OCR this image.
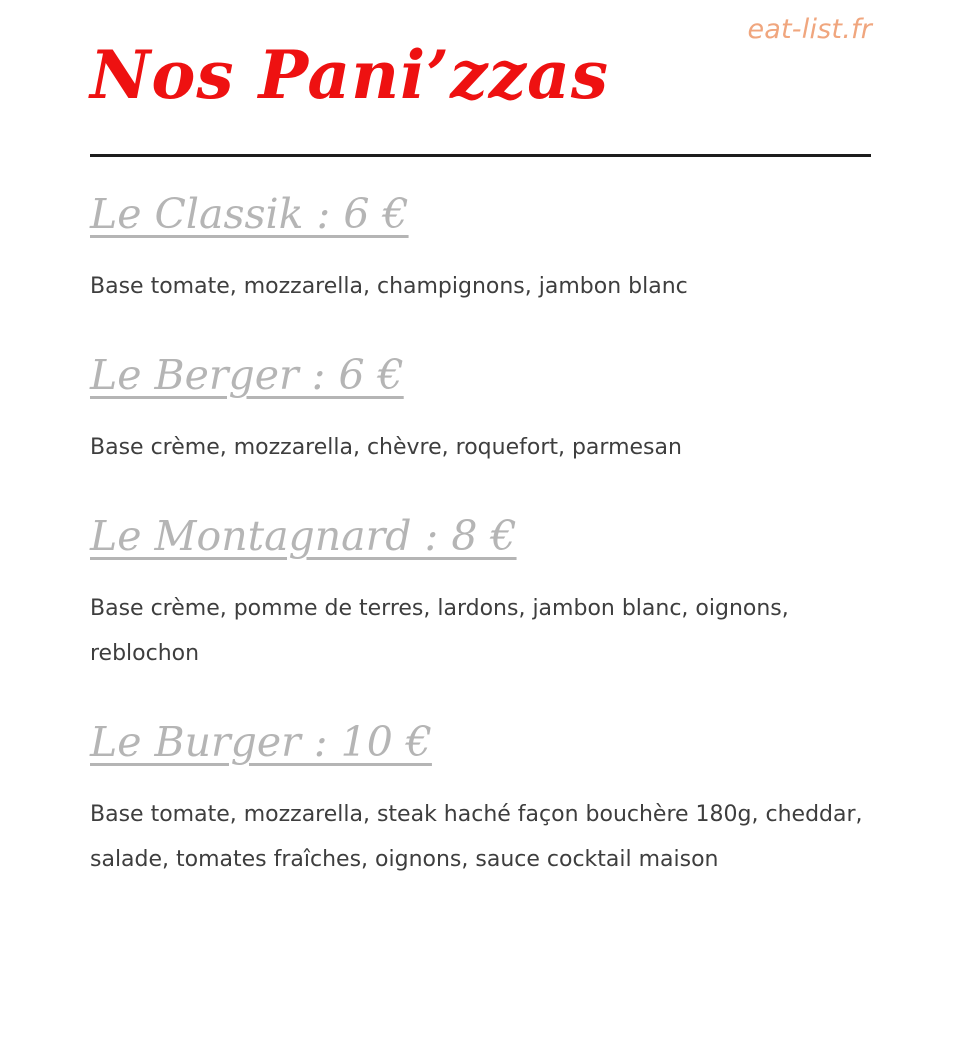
eat-list.fr
Nos Pani’zzas
Le Classik : 6 €

Base tomate, mozzarella, champignons, jambon blanc

Le Berger : 6 €

Base crème, mozzarella, chèvre, roquefort, parmesan

Le Montagnard : 8 €

Base crème, pomme de terres, lardons, jambon blanc, oignons, reblochon

Le Burger : 10 €

Base tomate, mozzarella, steak haché façon bouchère 180g, cheddar, salade, tomates fraîches, oignons, sauce cocktail maison
